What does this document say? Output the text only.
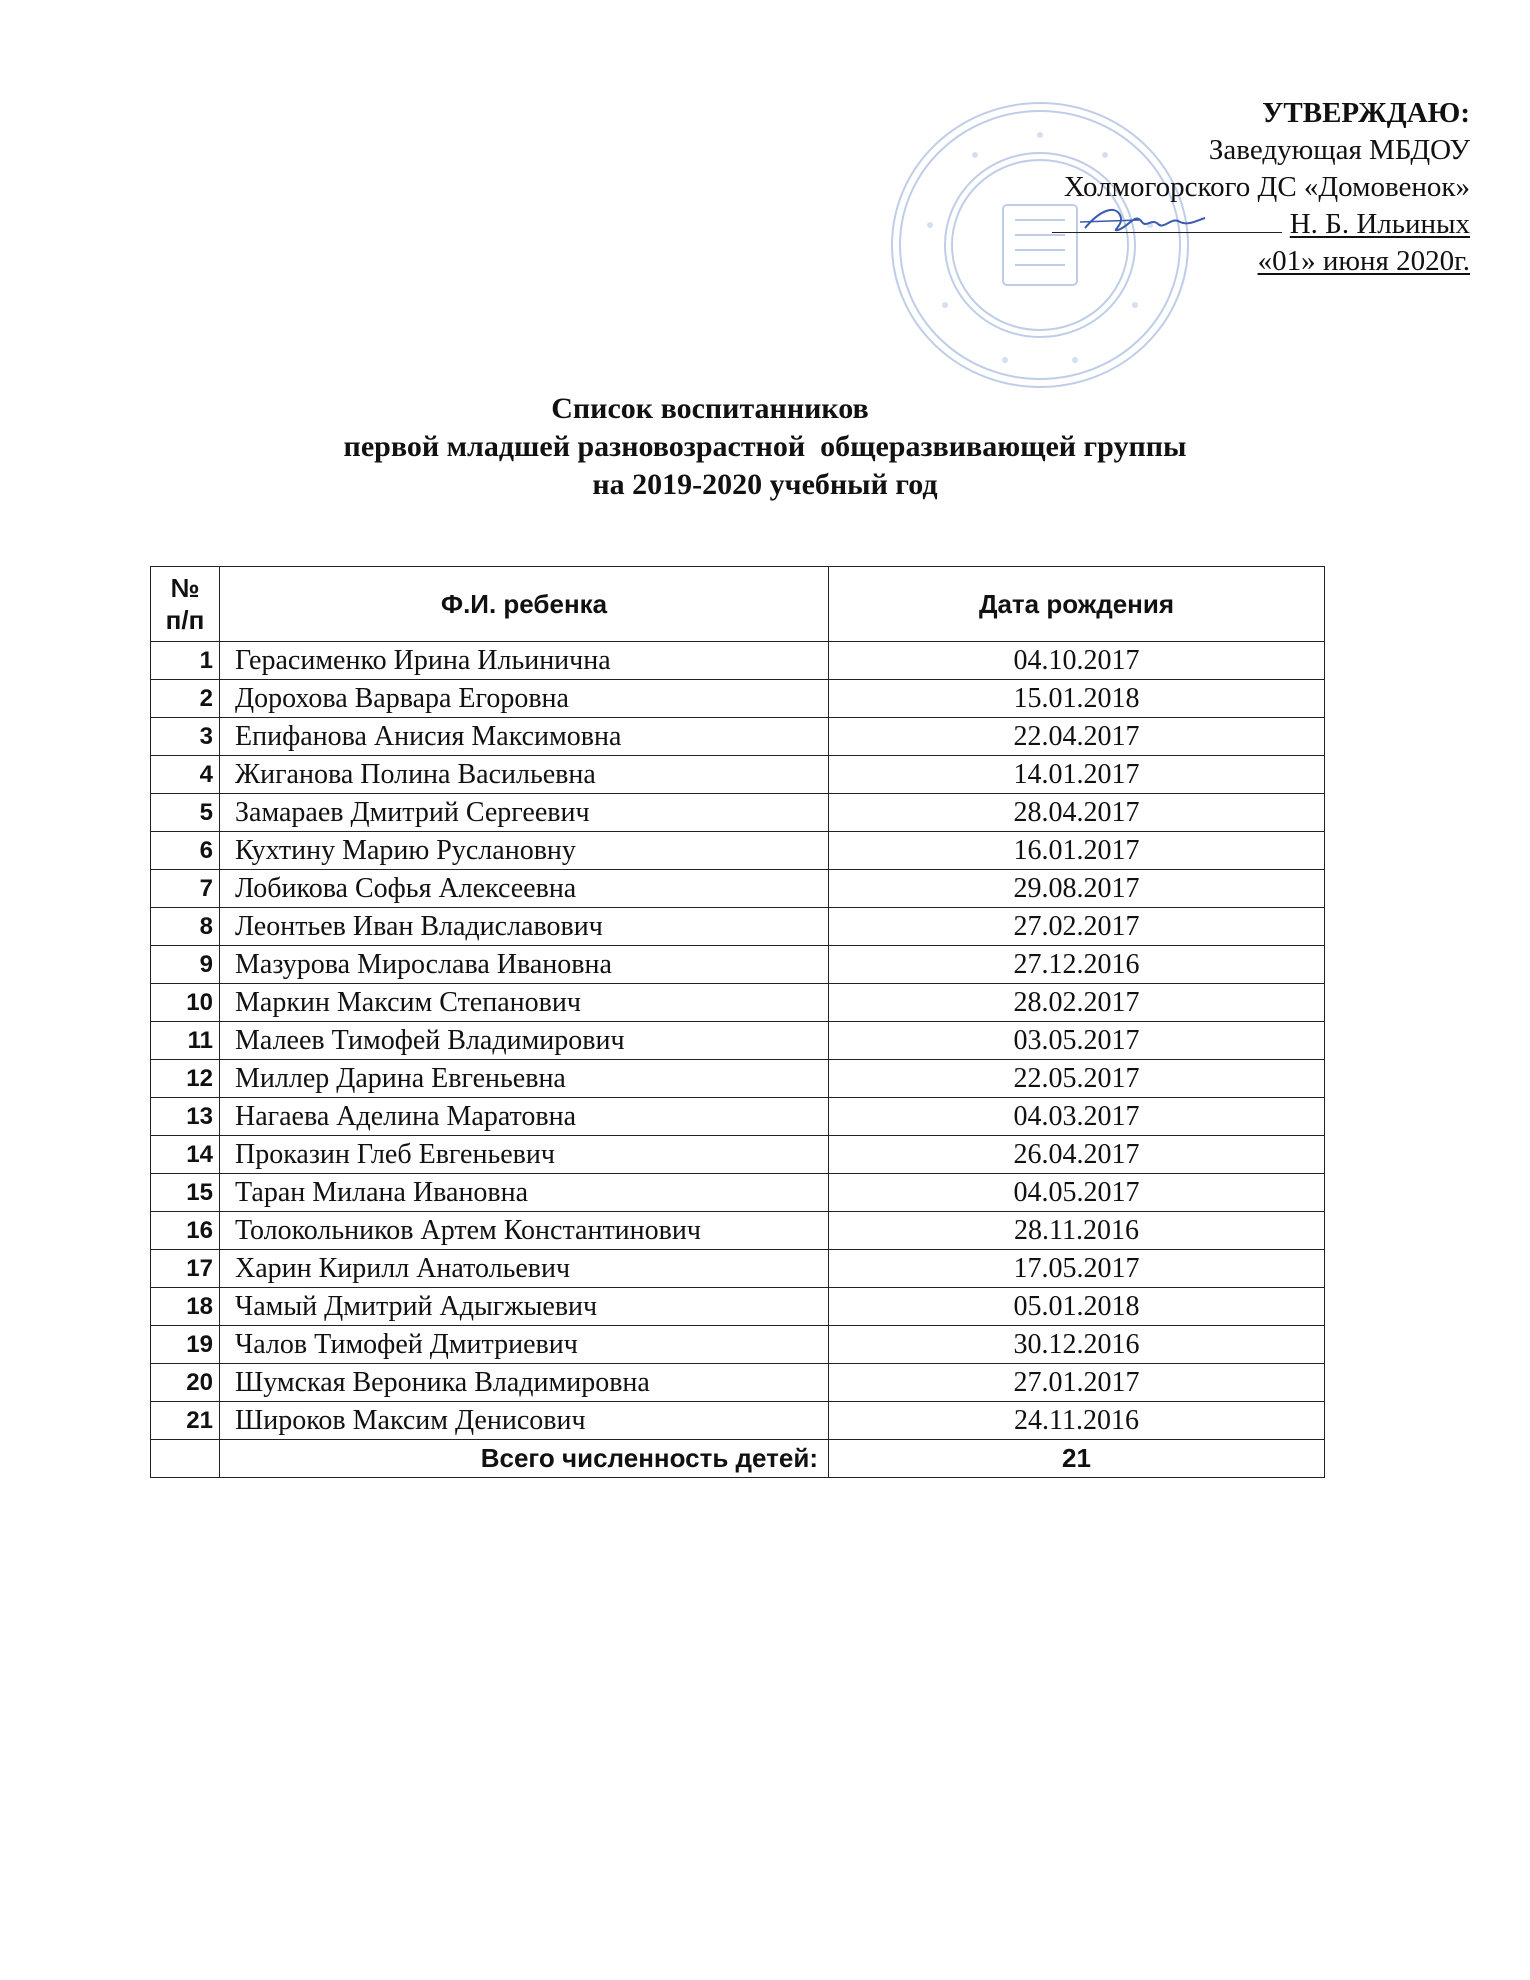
УТВЕРЖДАЮ:
Заведующая МБДОУ
Холмогорского ДС «Домовенок»
Н. Б. Ильиных
«01» июня 2020г.
Список воспитанников
первой младшей разновозрастной  общеразвивающей группы
на 2019-2020 учебный год
№
п/п	Ф.И. ребенка	Дата рождения
1	Герасименко Ирина Ильинична	04.10.2017
2	Дорохова Варвара Егоровна	15.01.2018
3	Епифанова Анисия Максимовна	22.04.2017
4	Жиганова Полина Васильевна	14.01.2017
5	Замараев Дмитрий Сергеевич	28.04.2017
6	Кухтину Марию Руслановну	16.01.2017
7	Лобикова Софья Алексеевна	29.08.2017
8	Леонтьев Иван Владиславович	27.02.2017
9	Мазурова Мирослава Ивановна	27.12.2016
10	Маркин Максим Степанович	28.02.2017
11	Малеев Тимофей Владимирович	03.05.2017
12	Миллер Дарина Евгеньевна	22.05.2017
13	Нагаева Аделина Маратовна	04.03.2017
14	Проказин Глеб Евгеньевич	26.04.2017
15	Таран Милана Ивановна	04.05.2017
16	Толокольников Артем Константинович	28.11.2016
17	Харин Кирилл Анатольевич	17.05.2017
18	Чамый Дмитрий Адыгжыевич	05.01.2018
19	Чалов Тимофей Дмитриевич	30.12.2016
20	Шумская Вероника Владимировна	27.01.2017
21	Широков Максим Денисович	24.11.2016
	Всего численность детей:	21
